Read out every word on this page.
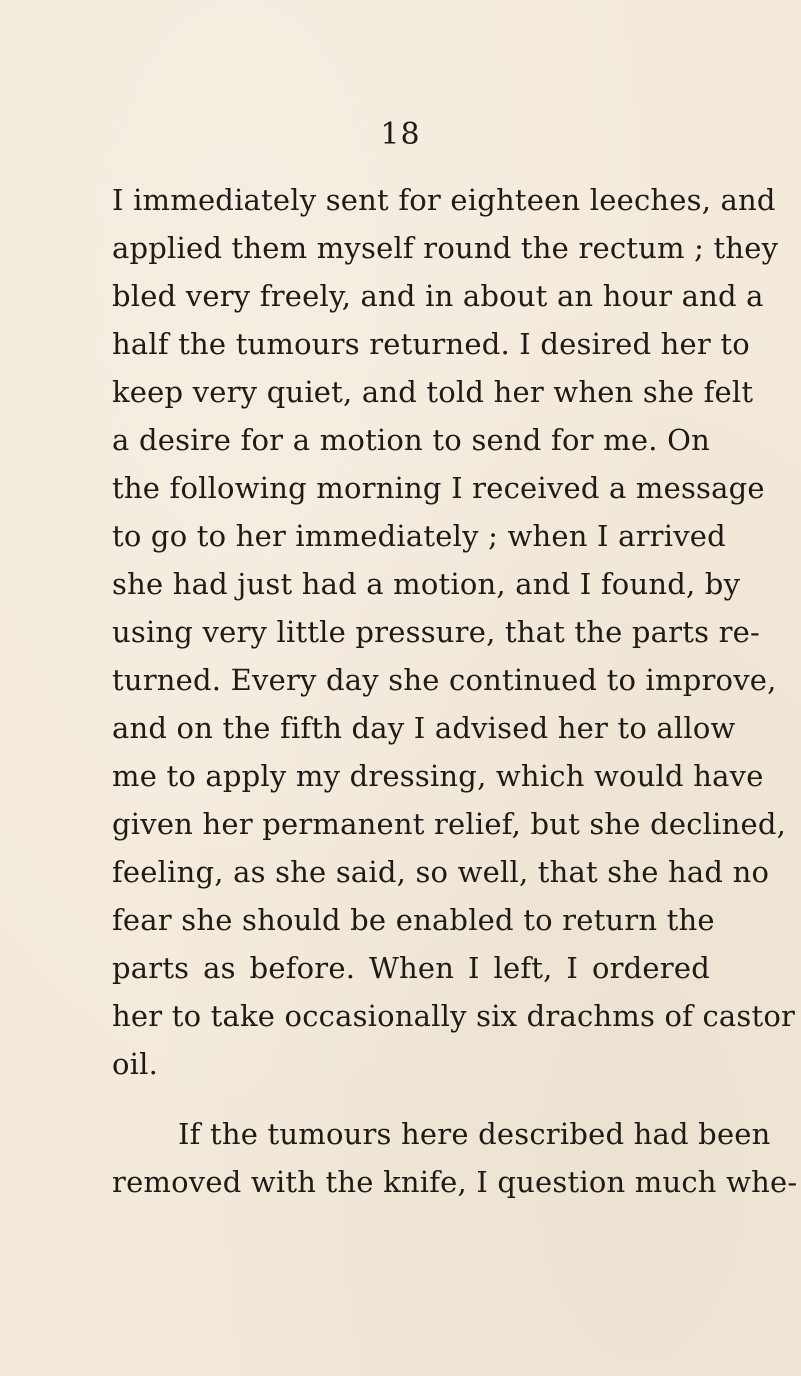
18
I immediately sent for eighteen leeches, and
applied them myself round the rectum ; they
bled very freely, and in about an hour and a
half the tumours returned. I desired her to
keep very quiet, and told her when she felt
a desire for a motion to send for me. On
the following morning I received a message
to go to her immediately ; when I arrived
she had just had a motion, and I found, by
using very little pressure, that the parts re-
turned. Every day she continued to improve,
and on the fifth day I advised her to allow
me to apply my dressing, which would have
given her permanent relief, but she declined,
feeling, as she said, so well, that she had no
fear she should be enabled to return the
parts as before. When I left, I ordered
her to take occasionally six drachms of castor
oil.
If the tumours here described had been
removed with the knife, I question much whe-
